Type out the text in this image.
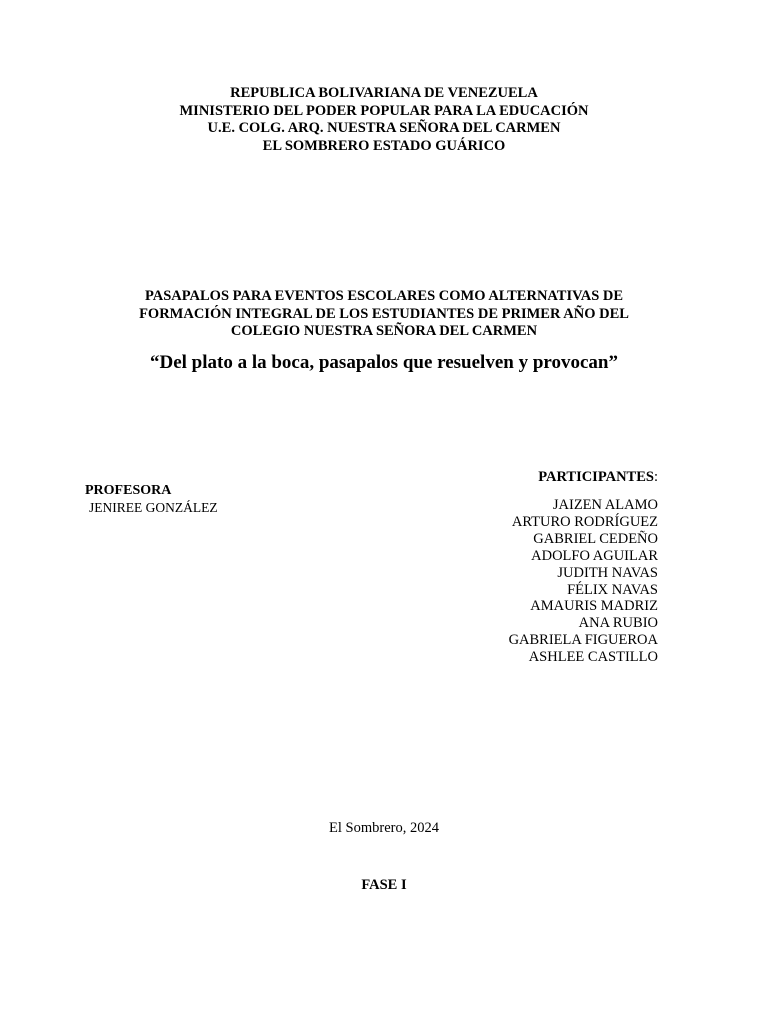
REPUBLICA BOLIVARIANA DE VENEZUELA
MINISTERIO DEL PODER POPULAR PARA LA EDUCACIÓN
U.E. COLG. ARQ. NUESTRA SEÑORA DEL CARMEN
EL SOMBRERO ESTADO GUÁRICO
PASAPALOS PARA EVENTOS ESCOLARES COMO ALTERNATIVAS DE
FORMACIÓN INTEGRAL DE LOS ESTUDIANTES DE PRIMER AÑO DEL
COLEGIO NUESTRA SEÑORA DEL CARMEN
“Del plato a la boca, pasapalos que resuelven y provocan”
PROFESORA
JENIREE GONZÁLEZ
PARTICIPANTES:
JAIZEN ALAMO
ARTURO RODRÍGUEZ
GABRIEL CEDEÑO
ADOLFO AGUILAR
JUDITH NAVAS
FÉLIX NAVAS
AMAURIS MADRIZ
ANA RUBIO
GABRIELA FIGUEROA
ASHLEE CASTILLO
El Sombrero, 2024
FASE I
